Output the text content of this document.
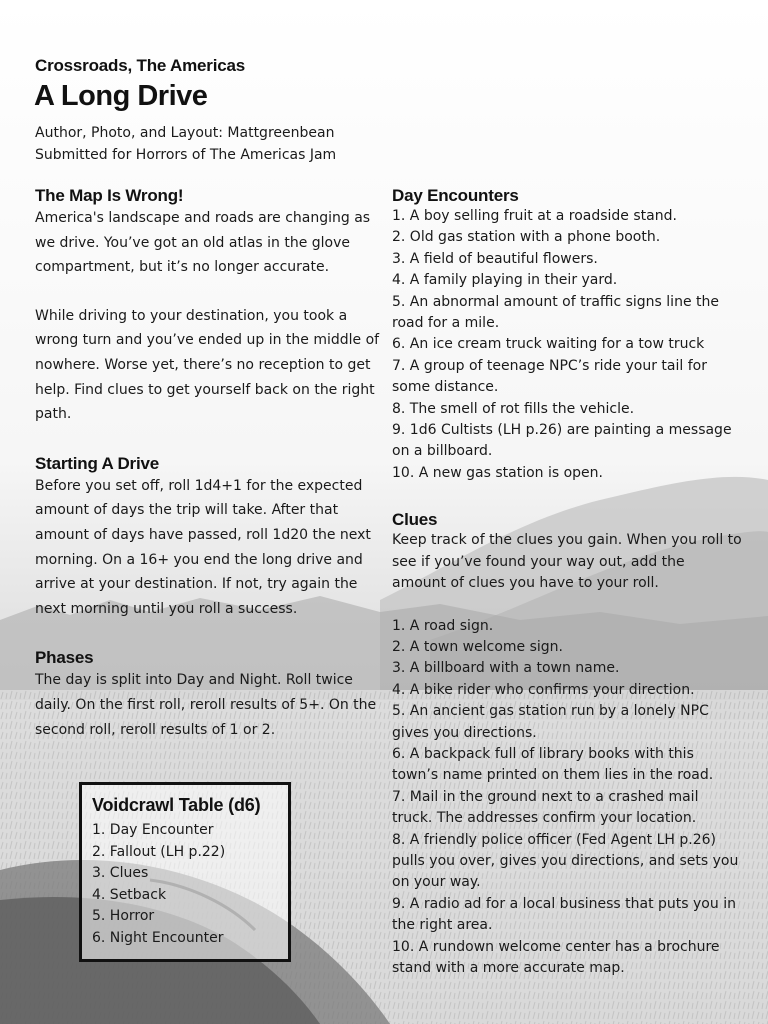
Crossroads, The Americas
A Long Drive
Author, Photo, and Layout: Mattgreenbean
Submitted for Horrors of The Americas Jam
The Map Is Wrong!

America's landscape and roads are changing as we drive. You’ve got an old atlas in the glove compartment, but it’s no longer accurate.

While driving to your destination, you took a wrong turn and you’ve ended up in the middle of nowhere. Worse yet, there’s no reception to get help. Find clues to get yourself back on the right path.

Starting A Drive

Before you set off, roll 1d4+1 for the expected amount of days the trip will take. After that amount of days have passed, roll 1d20 the next morning. On a 16+ you end the long drive and arrive at your destination. If not, try again the next morning until you roll a success.

Phases

The day is split into Day and Night. Roll twice daily. On the first roll, reroll results of 5+. On the second roll, reroll results of 1 or 2.

Voidcrawl Table (d6)
1. Day Encounter
2. Fallout (LH p.22)
3. Clues
4. Setback
5. Horror
6. Night Encounter
Day Encounters
1. A boy selling fruit at a roadside stand.
2. Old gas station with a phone booth.
3. A field of beautiful flowers.
4. A family playing in their yard.
5. An abnormal amount of traffic signs line the road for a mile.
6. An ice cream truck waiting for a tow truck
7. A group of teenage NPC’s ride your tail for some distance.
8. The smell of rot fills the vehicle.
9. 1d6 Cultists (LH p.26) are painting a message on a billboard.
10. A new gas station is open.
Clues

Keep track of the clues you gain. When you roll to see if you’ve found your way out, add the amount of clues you have to your roll.

1. A road sign.
2. A town welcome sign.
3. A billboard with a town name.
4. A bike rider who confirms your direction.
5. An ancient gas station run by a lonely NPC gives you directions.
6. A backpack full of library books with this town’s name printed on them lies in the road.
7. Mail in the ground next to a crashed mail truck. The addresses confirm your location.
8. A friendly police officer (Fed Agent LH p.26) pulls you over, gives you directions, and sets you on your way.
9. A radio ad for a local business that puts you in the right area.
10. A rundown welcome center has a brochure stand with a more accurate map.
